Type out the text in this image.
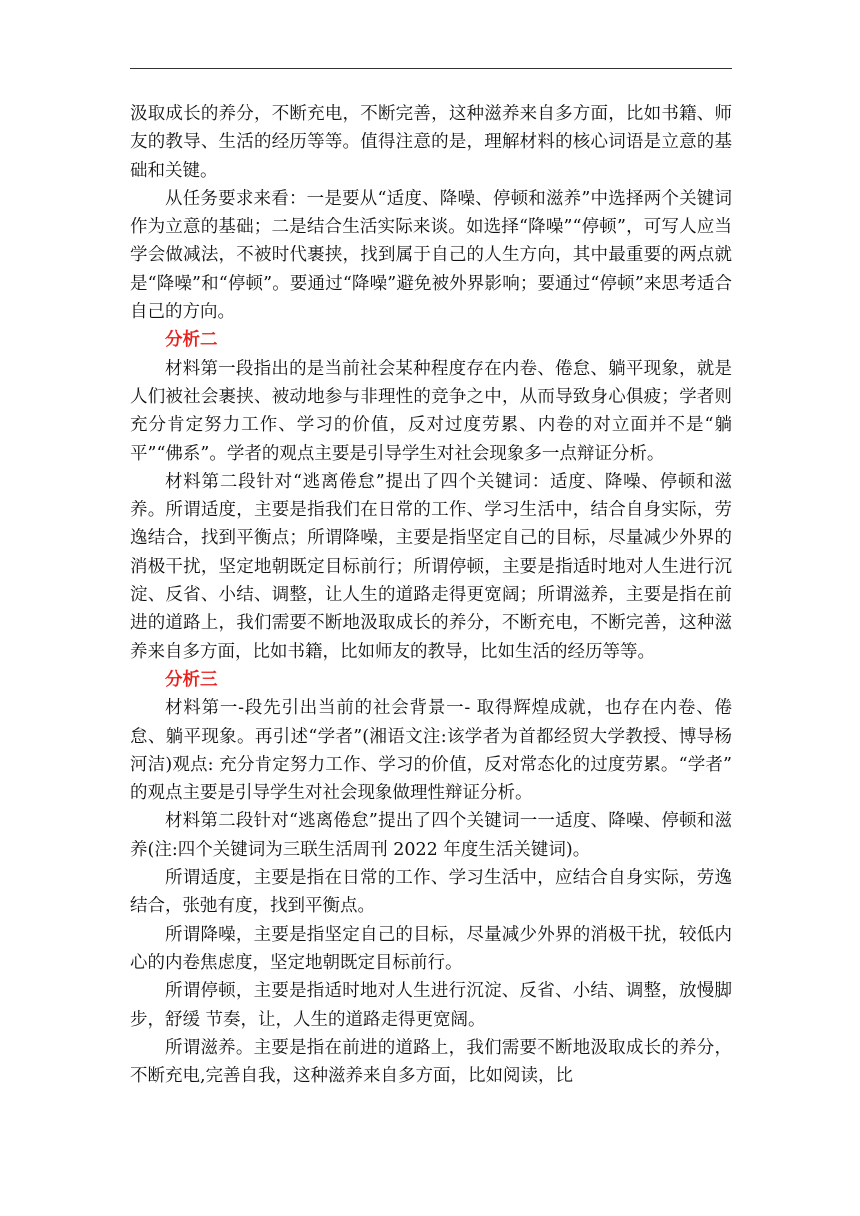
汲取成长的养分，不断充电，不断完善，这种滋养来自多方面，比如书籍、师友的教导、生活的经历等等。值得注意的是，理解材料的核心词语是立意的基础和关键。

从任务要求来看：一是要从“适度、降噪、停顿和滋养”中选择两个关键词作为立意的基础；二是结合生活实际来谈。如选择“降噪”“停顿”，可写人应当学会做减法，不被时代裹挟，找到属于自己的人生方向，其中最重要的两点就是“降噪”和“停顿”。要通过“降噪”避免被外界影响；要通过“停顿”来思考适合自己的方向。

分析二

材料第一段指出的是当前社会某种程度存在内卷、倦怠、躺平现象，就是人们被社会裹挟、被动地参与非理性的竞争之中，从而导致身心俱疲；学者则充分肯定努力工作、学习的价值，反对过度劳累、内卷的对立面并不是“躺平”“佛系”。学者的观点主要是引导学生对社会现象多一点辩证分析。

材料第二段针对“逃离倦怠”提出了四个关键词：适度、降噪、停顿和滋养。所谓适度，主要是指我们在日常的工作、学习生活中，结合自身实际，劳逸结合，找到平衡点；所谓降噪，主要是指坚定自己的目标，尽量减少外界的消极干扰，坚定地朝既定目标前行；所谓停顿，主要是指适时地对人生进行沉淀、反省、小结、调整，让人生的道路走得更宽阔；所谓滋养，主要是指在前进的道路上，我们需要不断地汲取成长的养分，不断充电，不断完善，这种滋养来自多方面，比如书籍，比如师友的教导，比如生活的经历等等。

分析三

材料第一-段先引出当前的社会背景一- 取得辉煌成就，也存在内卷、倦怠、躺平现象。再引述“学者”(湘语文注:该学者为首都经贸大学教授、博导杨河洁)观点: 充分肯定努力工作、学习的价值，反对常态化的过度劳累。“学者” 的观点主要是引导学生对社会现象做理性辩证分析。

材料第二段针对“逃离倦怠”提出了四个关键词一一适度、降噪、停顿和滋养(注:四个关键词为三联生活周刊 2022 年度生活关键词)。

所谓适度，主要是指在日常的工作、学习生活中，应结合自身实际，劳逸结合，张弛有度，找到平衡点。

所谓降噪，主要是指坚定自己的目标，尽量减少外界的消极干扰，较低内心的内卷焦虑度，坚定地朝既定目标前行。

所谓停顿，主要是指适时地对人生进行沉淀、反省、小结、调整，放慢脚步，舒缓 节奏，让，人生的道路走得更宽阔。

所谓滋养。主要是指在前进的道路上，我们需要不断地汲取成长的养分，不断充电,完善自我，这种滋养来自多方面，比如阅读，比
